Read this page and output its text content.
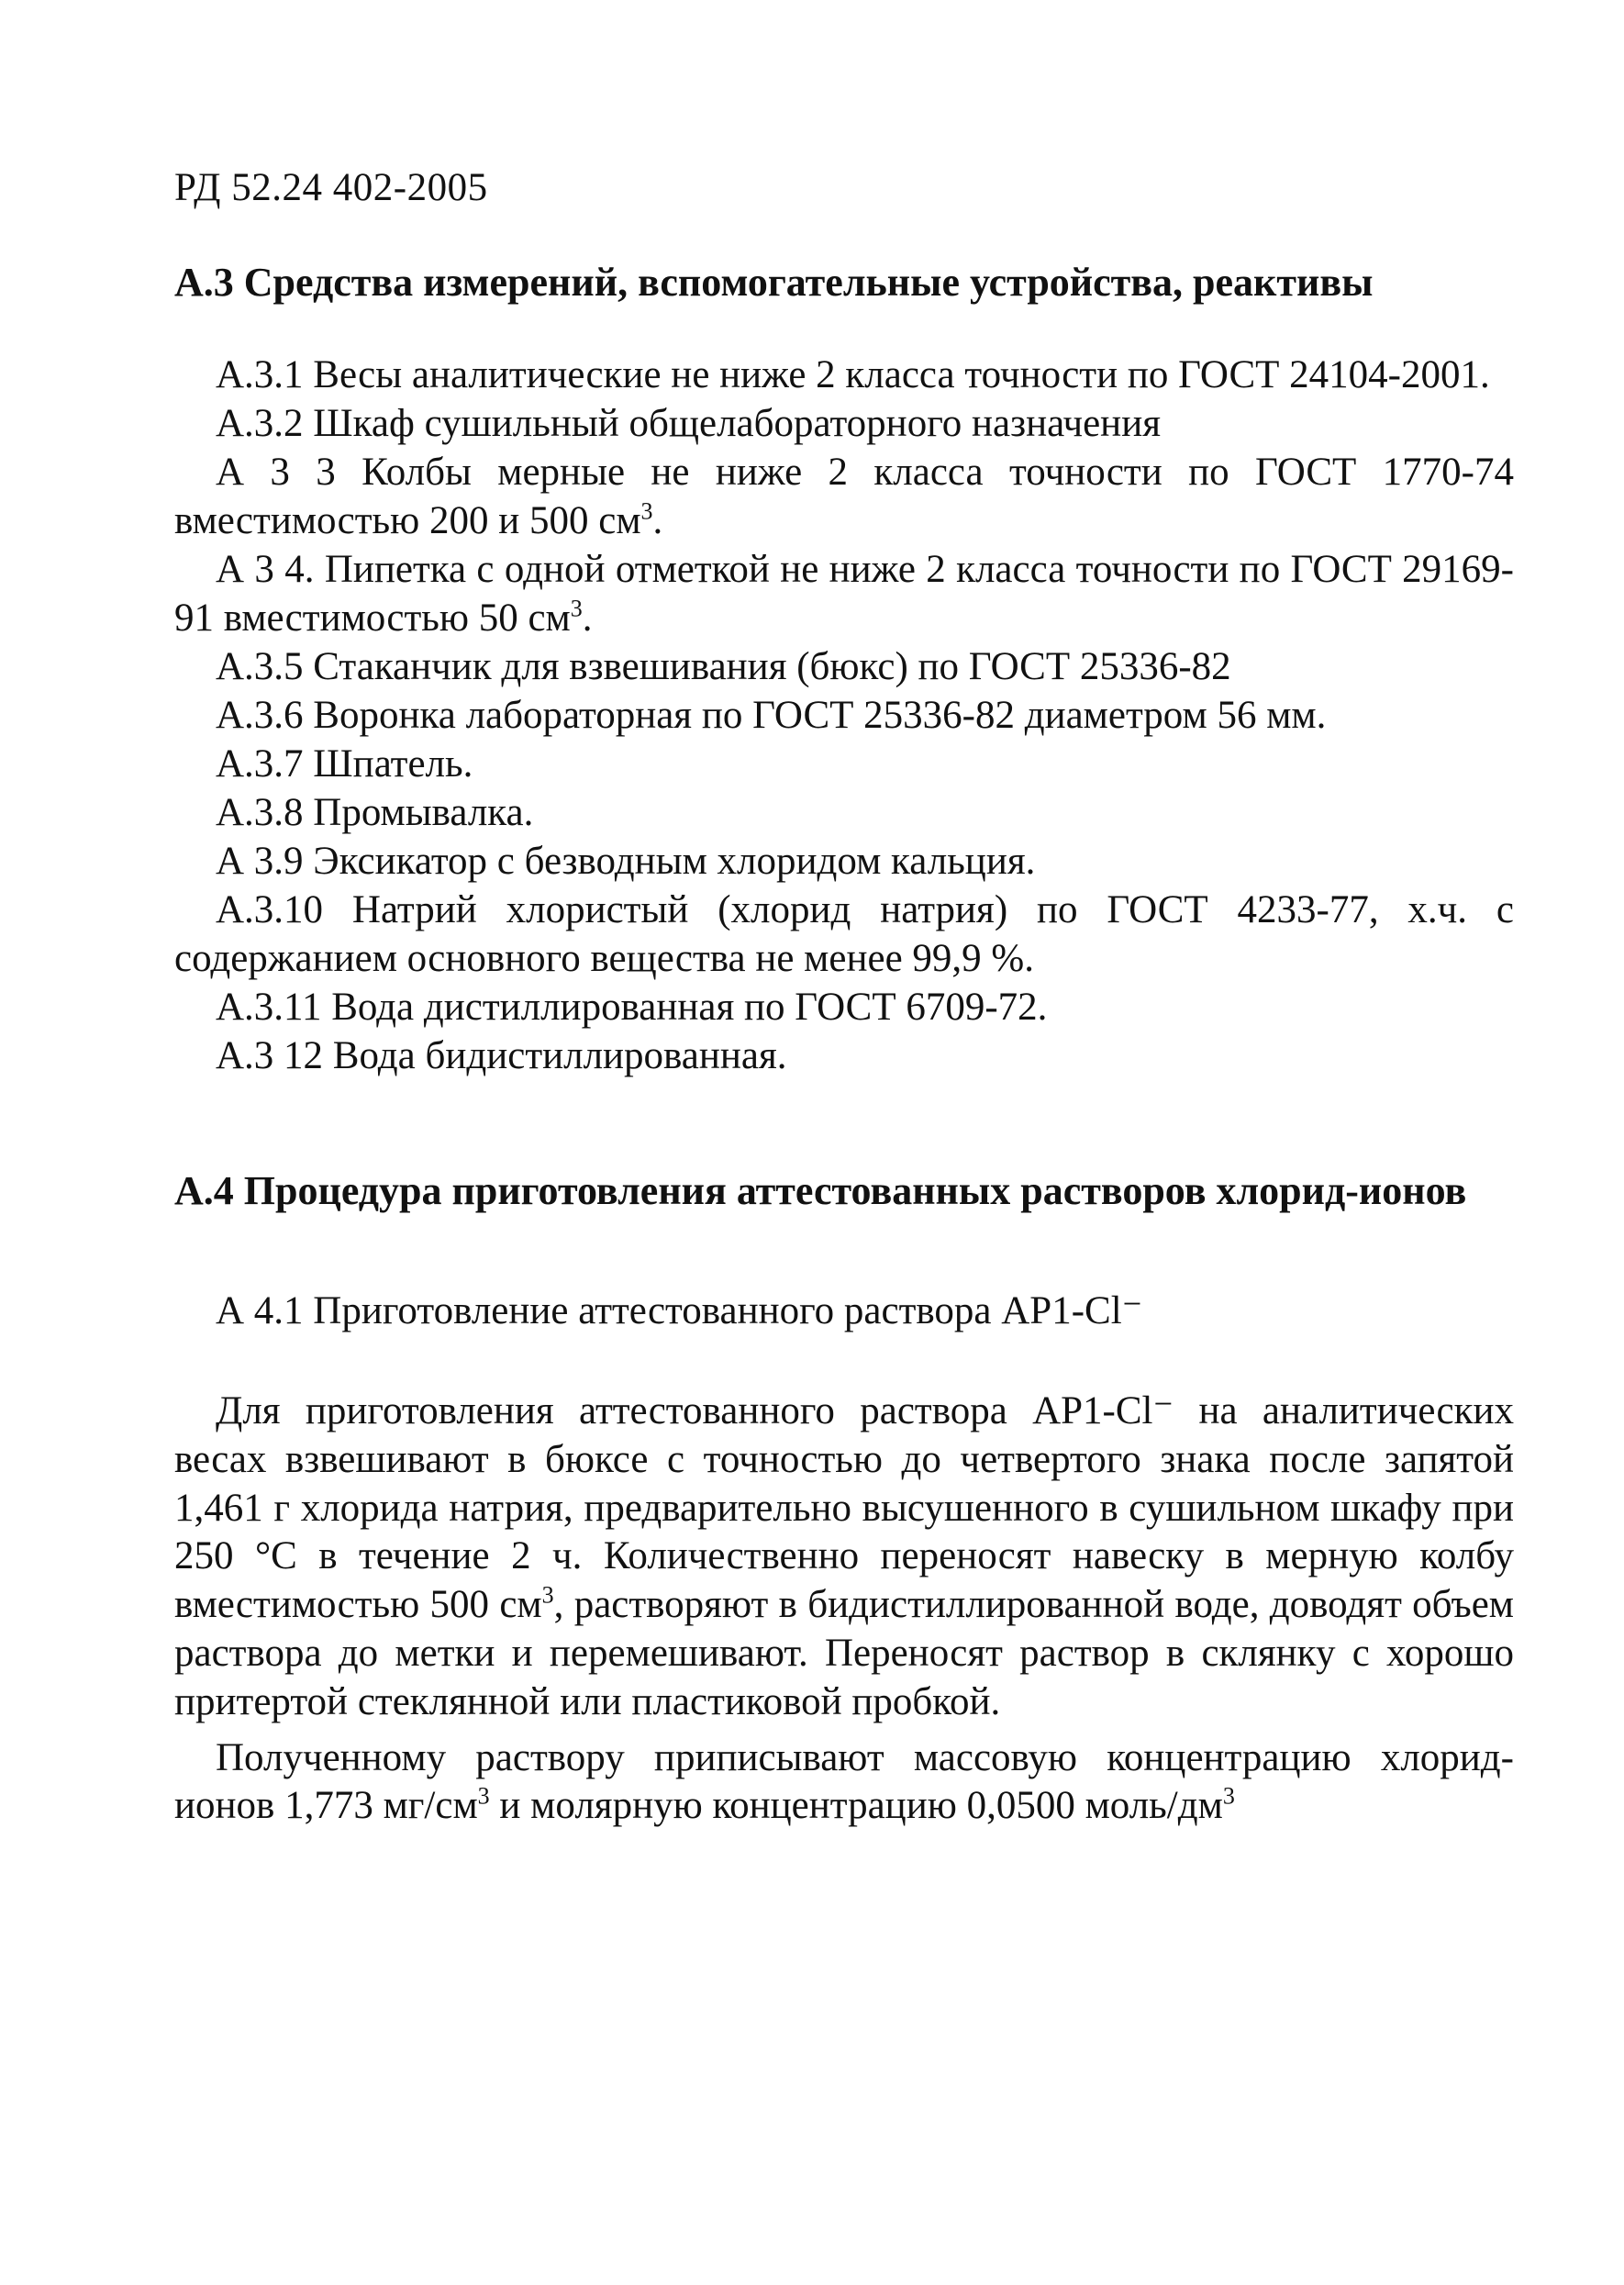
РД 52.24 402-2005
А.3 Средства измерений, вспомогательные устройства, реактивы
А.3.1 Весы аналитические не ниже 2 класса точности по ГОСТ 24104-2001.
А.3.2 Шкаф сушильный общелабораторного назначения
А 3 3 Колбы мерные не ниже 2 класса точности по ГОСТ 1770-74 вместимостью 200 и 500 $см^3$.
А 3 4. Пипетка с одной отметкой не ниже 2 класса точности по ГОСТ 29169-91 вместимостью 50 $см^3$.
А.3.5 Стаканчик для взвешивания (бюкс) по ГОСТ 25336-82
А.3.6 Воронка лабораторная по ГОСТ 25336-82 диаметром 56 мм.
А.3.7 Шпатель.
А.3.8 Промывалка.
А 3.9 Эксикатор с безводным хлоридом кальция.
А.3.10 Натрий хлористый (хлорид натрия) по ГОСТ 4233-77, х.ч. с содержанием основного вещества не менее 99,9 %.
А.3.11 Вода дистиллированная по ГОСТ 6709-72.
А.3 12 Вода бидистиллированная.
А.4 Процедура приготовления аттестованных растворов хлорид-ионов
А 4.1 Приготовление аттестованного раствора АР1-Cl⁻

Для приготовления аттестованного раствора АР1-Cl⁻ на аналитических весах взвешивают в бюксе с точностью до четвертого знака после запятой 1,461 г хлорида натрия, предварительно высушенного в сушильном шкафу при 250 °С в течение 2 ч. Количественно переносят навеску в мерную колбу вместимостью 500 $см^3$, растворяют в бидистиллированной воде, доводят объем раствора до метки и перемешивают. Переносят раствор в склянку с хорошо притертой стеклянной или пластиковой пробкой.

Полученному раствору приписывают массовую концентрацию хлорид-ионов 1,773 $мг/см^3$ и молярную концентрацию 0,0500 моль/$дм^3$
